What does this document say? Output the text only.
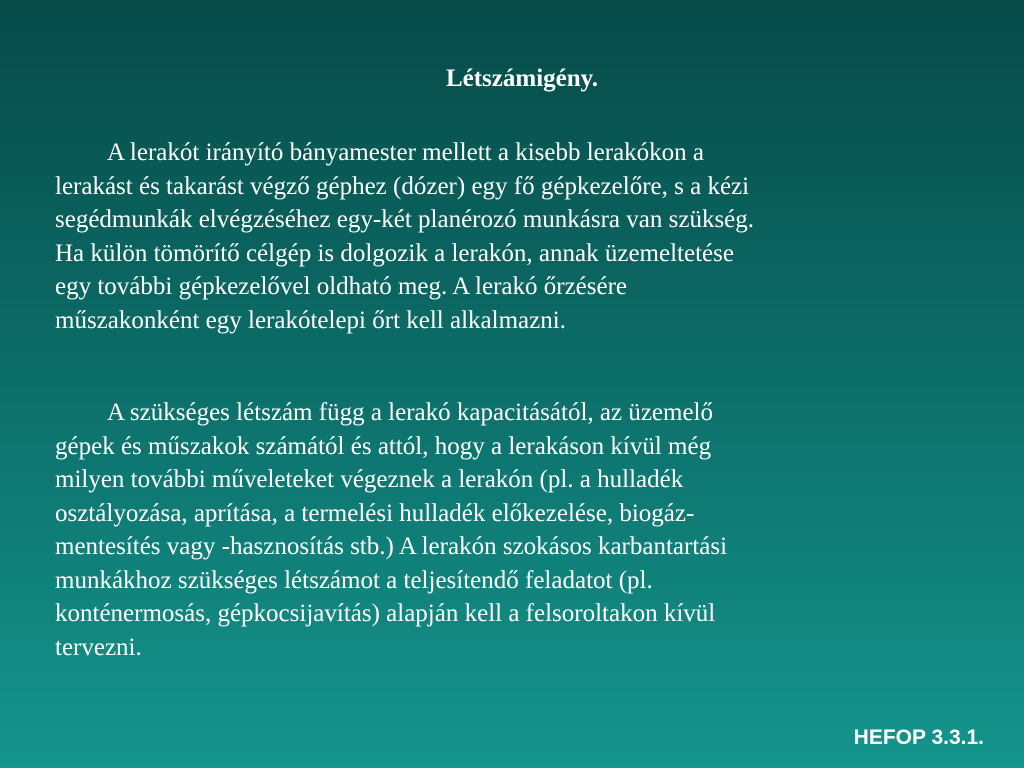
Létszámigény.

A lerakót irányító bányamester mellett a kisebb lerakókon a
lerakást és takarást végző géphez (dózer) egy fő gépkezelőre, s a kézi
segédmunkák elvégzéséhez egy-két planérozó munkásra van szükség.
Ha külön tömörítő célgép is dolgozik a lerakón, annak üzemeltetése
egy további gépkezelővel oldható meg. A lerakó őrzésére
műszakonként egy lerakótelepi őrt kell alkalmazni.

A szükséges létszám függ a lerakó kapacitásától, az üzemelő
gépek és műszakok számától és attól, hogy a lerakáson kívül még
milyen további műveleteket végeznek a lerakón (pl. a hulladék
osztályozása, aprítása, a termelési hulladék előkezelése, biogáz-
mentesítés vagy -hasznosítás stb.) A lerakón szokásos karbantartási
munkákhoz szükséges létszámot a teljesítendő feladatot (pl.
konténermosás, gépkocsijavítás) alapján kell a felsoroltakon kívül
tervezni.

HEFOP 3.3.1.
